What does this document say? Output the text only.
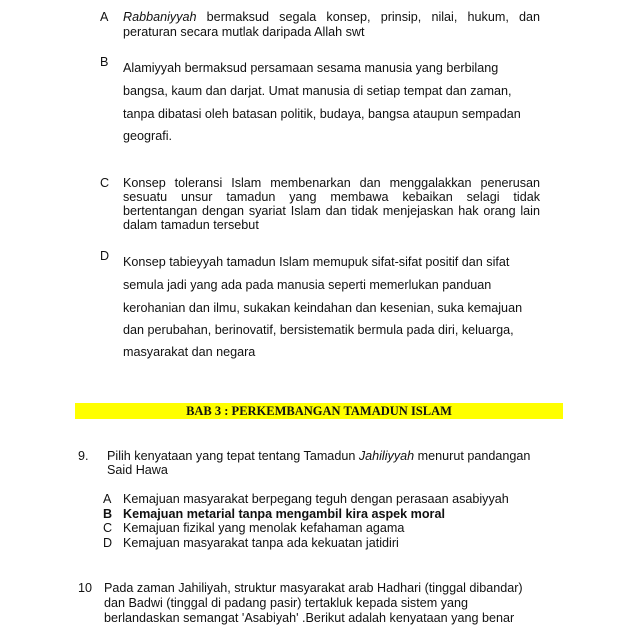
A Rabbaniyyah bermaksud segala konsep, prinsip, nilai, hukum, dan
peraturan secara mutlak daripada Allah swt
B Alamiyyah bermaksud persamaan sesama manusia yang berbilang
bangsa, kaum dan darjat. Umat manusia di setiap tempat dan zaman,
tanpa dibatasi oleh batasan politik, budaya, bangsa ataupun sempadan
geografi.
C Konsep toleransi Islam membenarkan dan menggalakkan penerusan
sesuatu unsur tamadun yang membawa kebaikan selagi tidak
bertentangan dengan syariat Islam dan tidak menjejaskan hak orang lain
dalam tamadun tersebut
D Konsep tabieyyah tamadun Islam memupuk sifat-sifat positif dan sifat
semula jadi yang ada pada manusia seperti memerlukan panduan
kerohanian dan ilmu, sukakan keindahan dan kesenian, suka kemajuan
dan perubahan, berinovatif, bersistematik bermula pada diri, keluarga,
masyarakat dan negara
BAB 3 : PERKEMBANGAN TAMADUN ISLAM
9. Pilih kenyataan yang tepat tentang Tamadun Jahiliyyah menurut pandangan
Said Hawa
A Kemajuan masyarakat berpegang teguh dengan perasaan asabiyyah
B Kemajuan metarial tanpa mengambil kira aspek moral
C Kemajuan fizikal yang menolak kefahaman agama
D Kemajuan masyarakat tanpa ada kekuatan jatidiri
10 Pada zaman Jahiliyah, struktur masyarakat arab Hadhari (tinggal dibandar)
dan Badwi (tinggal di padang pasir) tertakluk kepada sistem yang
berlandaskan semangat 'Asabiyah' .Berikut adalah kenyataan yang benar
